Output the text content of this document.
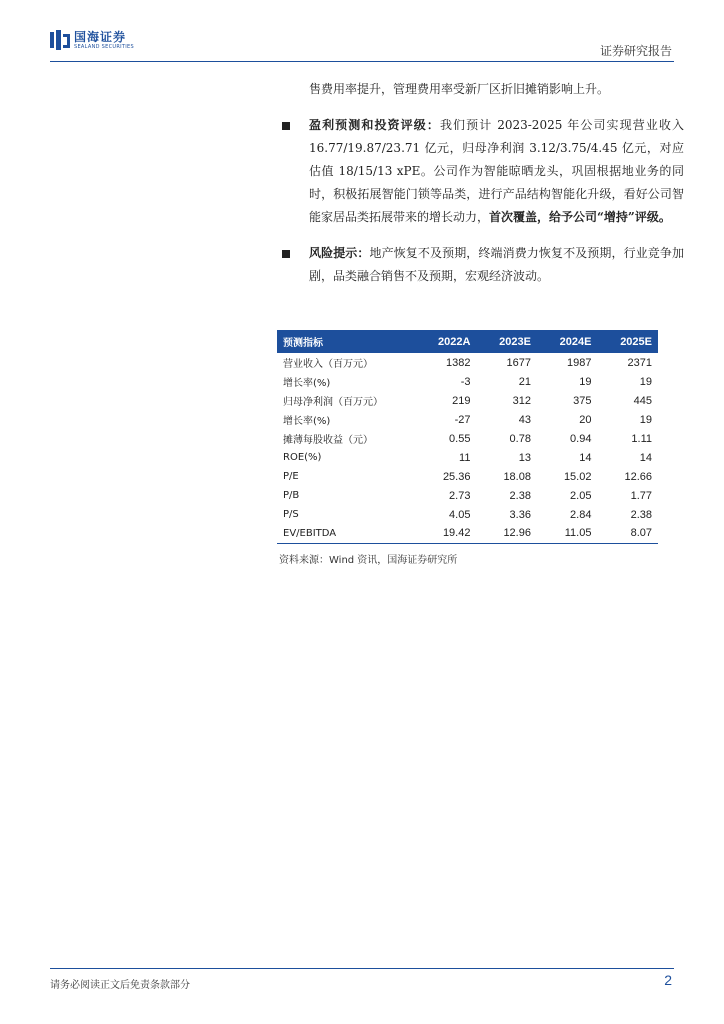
国海证券
SEALAND SECURITIES	证券研究报告

售费用率提升，管理费用率受新厂区折旧摊销影响上升。

盈利预测和投资评级：我们预计 2023-2025 年公司实现营业收入 16.77/19.87/23.71 亿元，归母净利润 3.12/3.75/4.45 亿元，对应估值 18/15/13 xPE。公司作为智能晾晒龙头，巩固根据地业务的同时，积极拓展智能门锁等品类，进行产品结构智能化升级，看好公司智能家居品类拓展带来的增长动力，首次覆盖，给予公司“增持”评级。

风险提示：地产恢复不及预期，终端消费力恢复不及预期，行业竞争加剧，品类融合销售不及预期，宏观经济波动。

预测指标	2022A	2023E	2024E	2025E
营业收入（百万元）	1382	1677	1987	2371
增长率(%)	-3	21	19	19
归母净利润（百万元）	219	312	375	445
增长率(%)	-27	43	20	19
摊薄每股收益（元）	0.55	0.78	0.94	1.11
ROE(%)	11	13	14	14
P/E	25.36	18.08	15.02	12.66
P/B	2.73	2.38	2.05	1.77
P/S	4.05	3.36	2.84	2.38
EV/EBITDA	19.42	12.96	11.05	8.07
资料来源：Wind 资讯，国海证券研究所
请务必阅读正文后免责条款部分	2
